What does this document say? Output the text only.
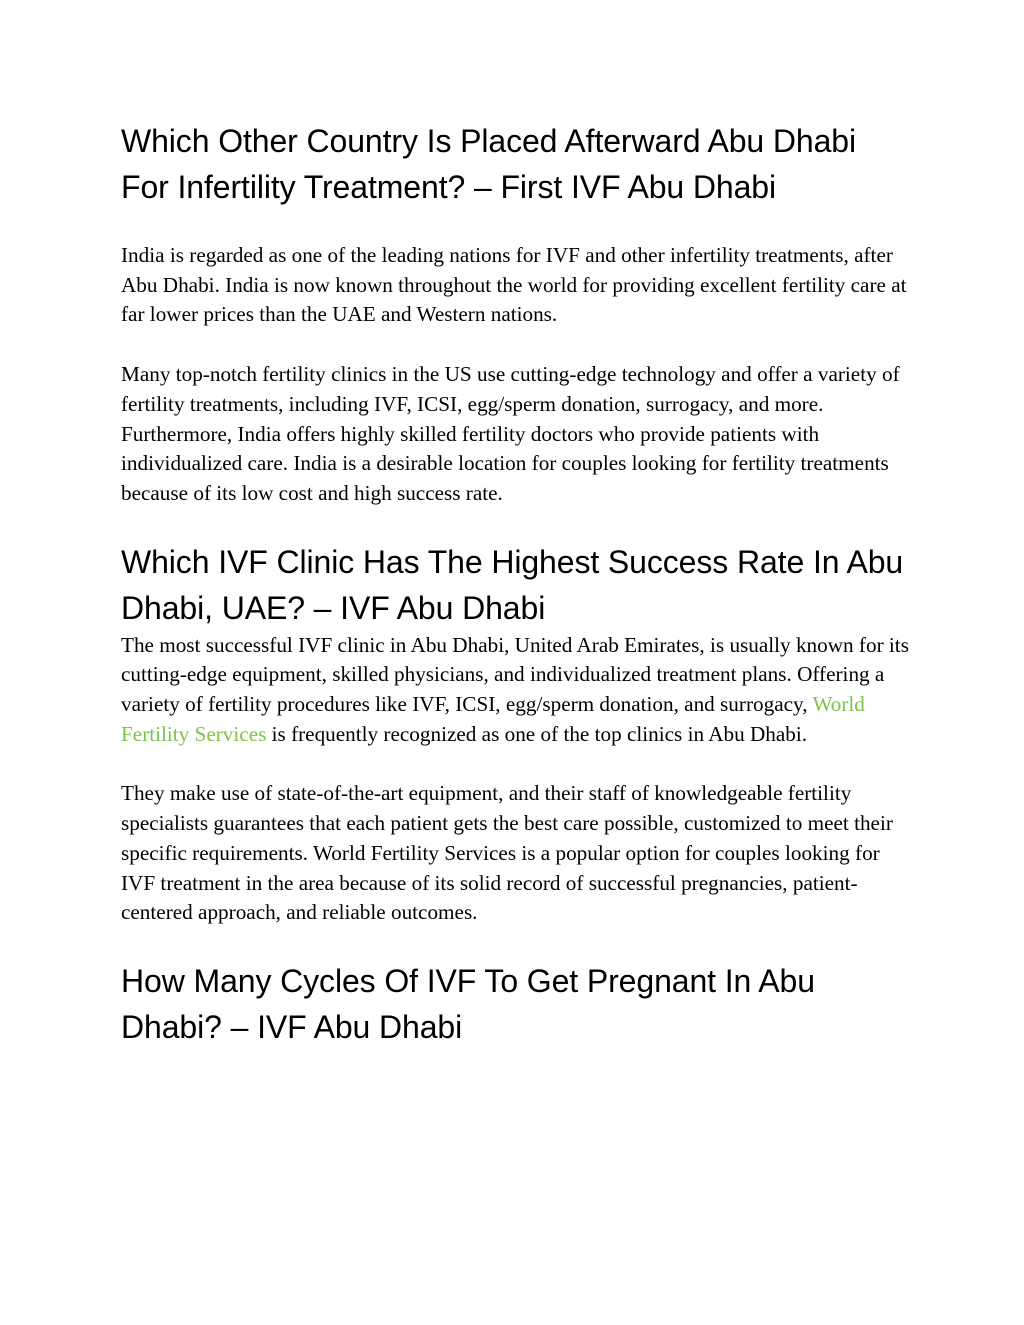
Which Other Country Is Placed Afterward Abu Dhabi For Infertility Treatment? – First IVF Abu Dhabi

India is regarded as one of the leading nations for IVF and other infertility treatments, after Abu Dhabi. India is now known throughout the world for providing excellent fertility care at far lower prices than the UAE and Western nations.

Many top-notch fertility clinics in the US use cutting-edge technology and offer a variety of fertility treatments, including IVF, ICSI, egg/sperm donation, surrogacy, and more. Furthermore, India offers highly skilled fertility doctors who provide patients with individualized care. India is a desirable location for couples looking for fertility treatments because of its low cost and high success rate.

Which IVF Clinic Has The Highest Success Rate In Abu Dhabi, UAE? – IVF Abu Dhabi

The most successful IVF clinic in Abu Dhabi, United Arab Emirates, is usually known for its cutting-edge equipment, skilled physicians, and individualized treatment plans. Offering a variety of fertility procedures like IVF, ICSI, egg/sperm donation, and surrogacy, World Fertility Services is frequently recognized as one of the top clinics in Abu Dhabi.

They make use of state-of-the-art equipment, and their staff of knowledgeable fertility specialists guarantees that each patient gets the best care possible, customized to meet their specific requirements. World Fertility Services is a popular option for couples looking for IVF treatment in the area because of its solid record of successful pregnancies, patient-centered approach, and reliable outcomes.

How Many Cycles Of IVF To Get Pregnant In Abu Dhabi? – IVF Abu Dhabi
